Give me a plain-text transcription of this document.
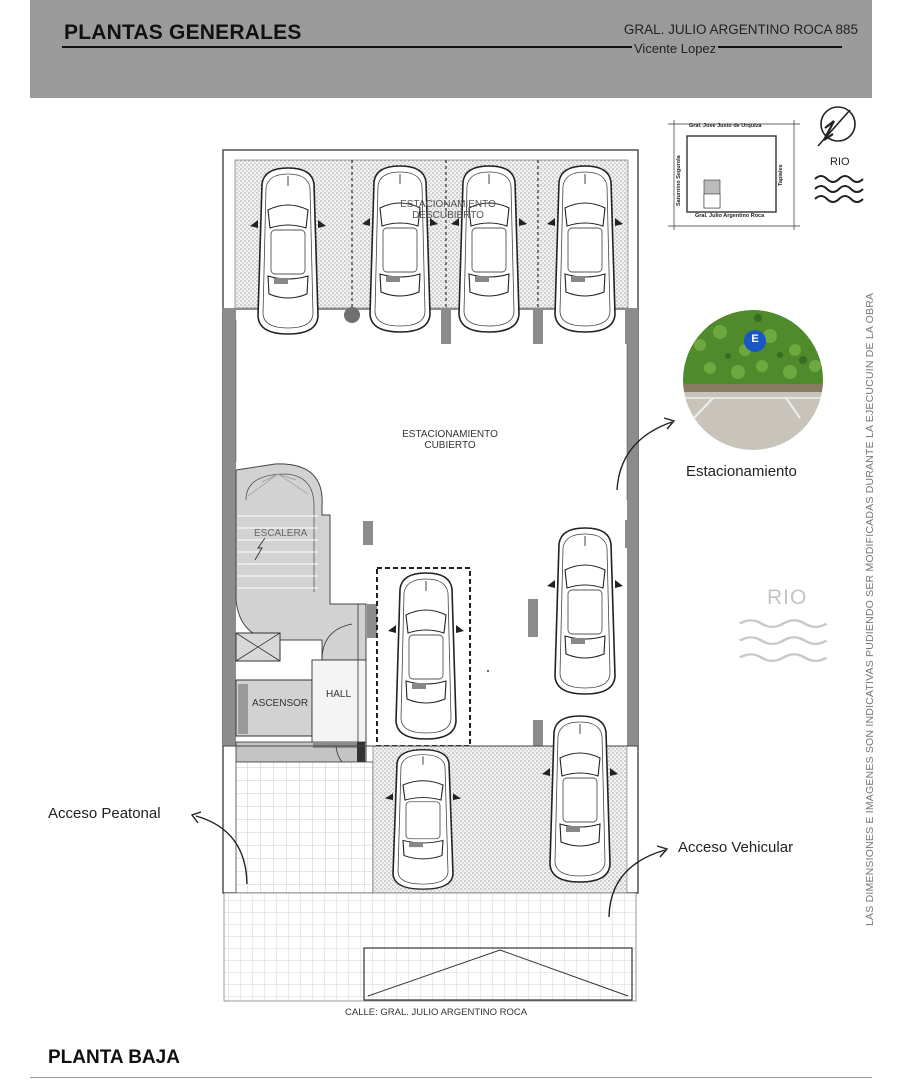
PLANTAS GENERALES	GRAL. JULIO ARGENTINO ROCA 885
Vicente Lopez
Gral. Jose Justo de Urquiza
Gral. Julio Argentino Roca
Saturnino Segurola	Tapiales
RIO
ESTACIONAMIENTO
DESCUBIERTO
ESTACIONAMIENTO
CUBIERTO
ESCALERA
ASCENSOR
HALL
CALLE: GRAL. JULIO ARGENTINO ROCA
RIO
E
Estacionamiento
Acceso Peatonal
Acceso Vehicular	LAS DIMENSIONES E IMAGENES SON INDICATIVAS PUDIENDO SER MODIFICADAS DURANTE LA EJECUCUIN DE LA OBRA
PLANTA BAJA
